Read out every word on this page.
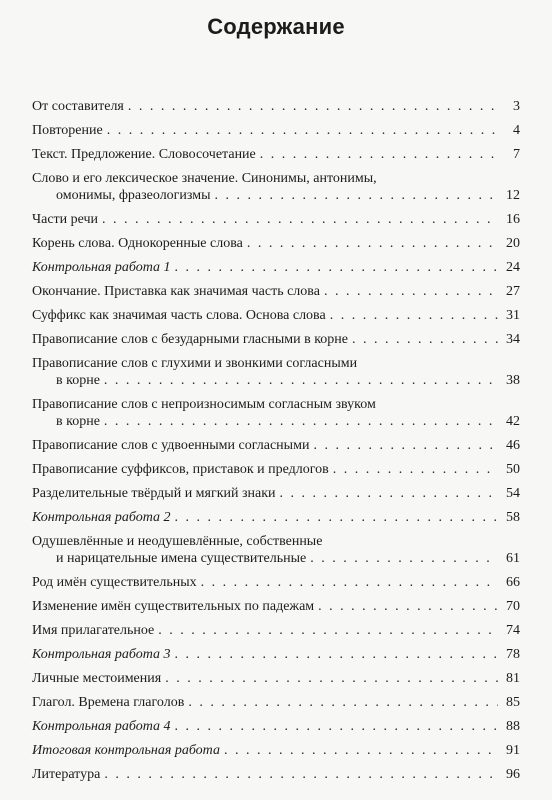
Содержание
От составителя . . .	3
Повторение . . .	4
Текст. Предложение. Словосочетание . . .	7
Слово и его лексическое значение. Синонимы, антонимы,
омонимы, фразеологизмы . . .	12
Части речи . . .	16
Корень слова. Однокоренные слова . . .	20
Контрольная работа 1 . . .	24
Окончание. Приставка как значимая часть слова . . .	27
Суффикс как значимая часть слова. Основа слова . . .	31
Правописание слов с безударными гласными в корне . . .	34
Правописание слов с глухими и звонкими согласными
в корне . . .	38
Правописание слов с непроизносимым согласным звуком
в корне . . .	42
Правописание слов с удвоенными согласными . . .	46
Правописание суффиксов, приставок и предлогов . . .	50
Разделительные твёрдый и мягкий знаки . . .	54
Контрольная работа 2 . . .	58
Одушевлённые и неодушевлённые, собственные
и нарицательные имена существительные . . .	61
Род имён существительных . . .	66
Изменение имён существительных по падежам . . .	70
Имя прилагательное . . .	74
Контрольная работа 3 . . .	78
Личные местоимения . . .	81
Глагол. Времена глаголов . . .	85
Контрольная работа 4 . . .	88
Итоговая контрольная работа . . .	91
Литература . . .	96
